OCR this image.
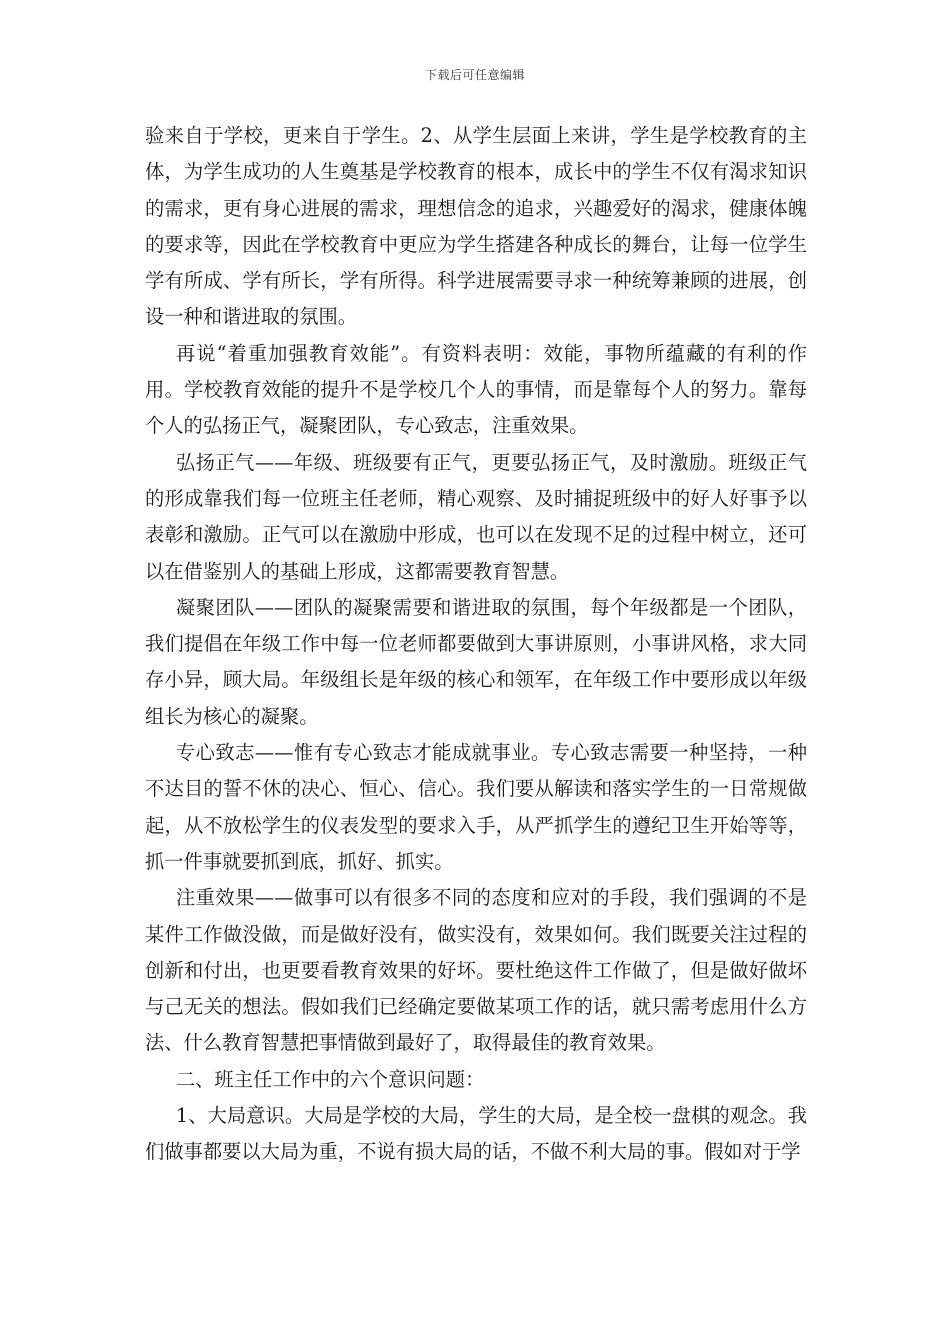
下载后可任意编辑

验来自于学校，更来自于学生。2、从学生层面上来讲，学生是学校教育的主体，为学生成功的人生奠基是学校教育的根本，成长中的学生不仅有渴求知识的需求，更有身心进展的需求，理想信念的追求，兴趣爱好的渴求，健康体魄的要求等，因此在学校教育中更应为学生搭建各种成长的舞台，让每一位学生学有所成、学有所长，学有所得。科学进展需要寻求一种统筹兼顾的进展，创设一种和谐进取的氛围。

再说“着重加强教育效能”。有资料表明：效能，事物所蕴藏的有利的作用。学校教育效能的提升不是学校几个人的事情，而是靠每个人的努力。靠每个人的弘扬正气，凝聚团队，专心致志，注重效果。

弘扬正气——年级、班级要有正气，更要弘扬正气，及时激励。班级正气的形成靠我们每一位班主任老师，精心观察、及时捕捉班级中的好人好事予以表彰和激励。正气可以在激励中形成，也可以在发现不足的过程中树立，还可以在借鉴别人的基础上形成，这都需要教育智慧。

凝聚团队——团队的凝聚需要和谐进取的氛围，每个年级都是一个团队，我们提倡在年级工作中每一位老师都要做到大事讲原则，小事讲风格，求大同存小异，顾大局。年级组长是年级的核心和领军，在年级工作中要形成以年级组长为核心的凝聚。

专心致志——惟有专心致志才能成就事业。专心致志需要一种坚持，一种不达目的誓不休的决心、恒心、信心。我们要从解读和落实学生的一日常规做起，从不放松学生的仪表发型的要求入手，从严抓学生的遵纪卫生开始等等，抓一件事就要抓到底，抓好、抓实。

注重效果——做事可以有很多不同的态度和应对的手段，我们强调的不是某件工作做没做，而是做好没有，做实没有，效果如何。我们既要关注过程的创新和付出，也更要看教育效果的好坏。要杜绝这件工作做了，但是做好做坏与己无关的想法。假如我们已经确定要做某项工作的话，就只需考虑用什么方法、什么教育智慧把事情做到最好了，取得最佳的教育效果。

二、班主任工作中的六个意识问题：

1、大局意识。大局是学校的大局，学生的大局，是全校一盘棋的观念。我们做事都要以大局为重，不说有损大局的话，不做不利大局的事。假如对于学
